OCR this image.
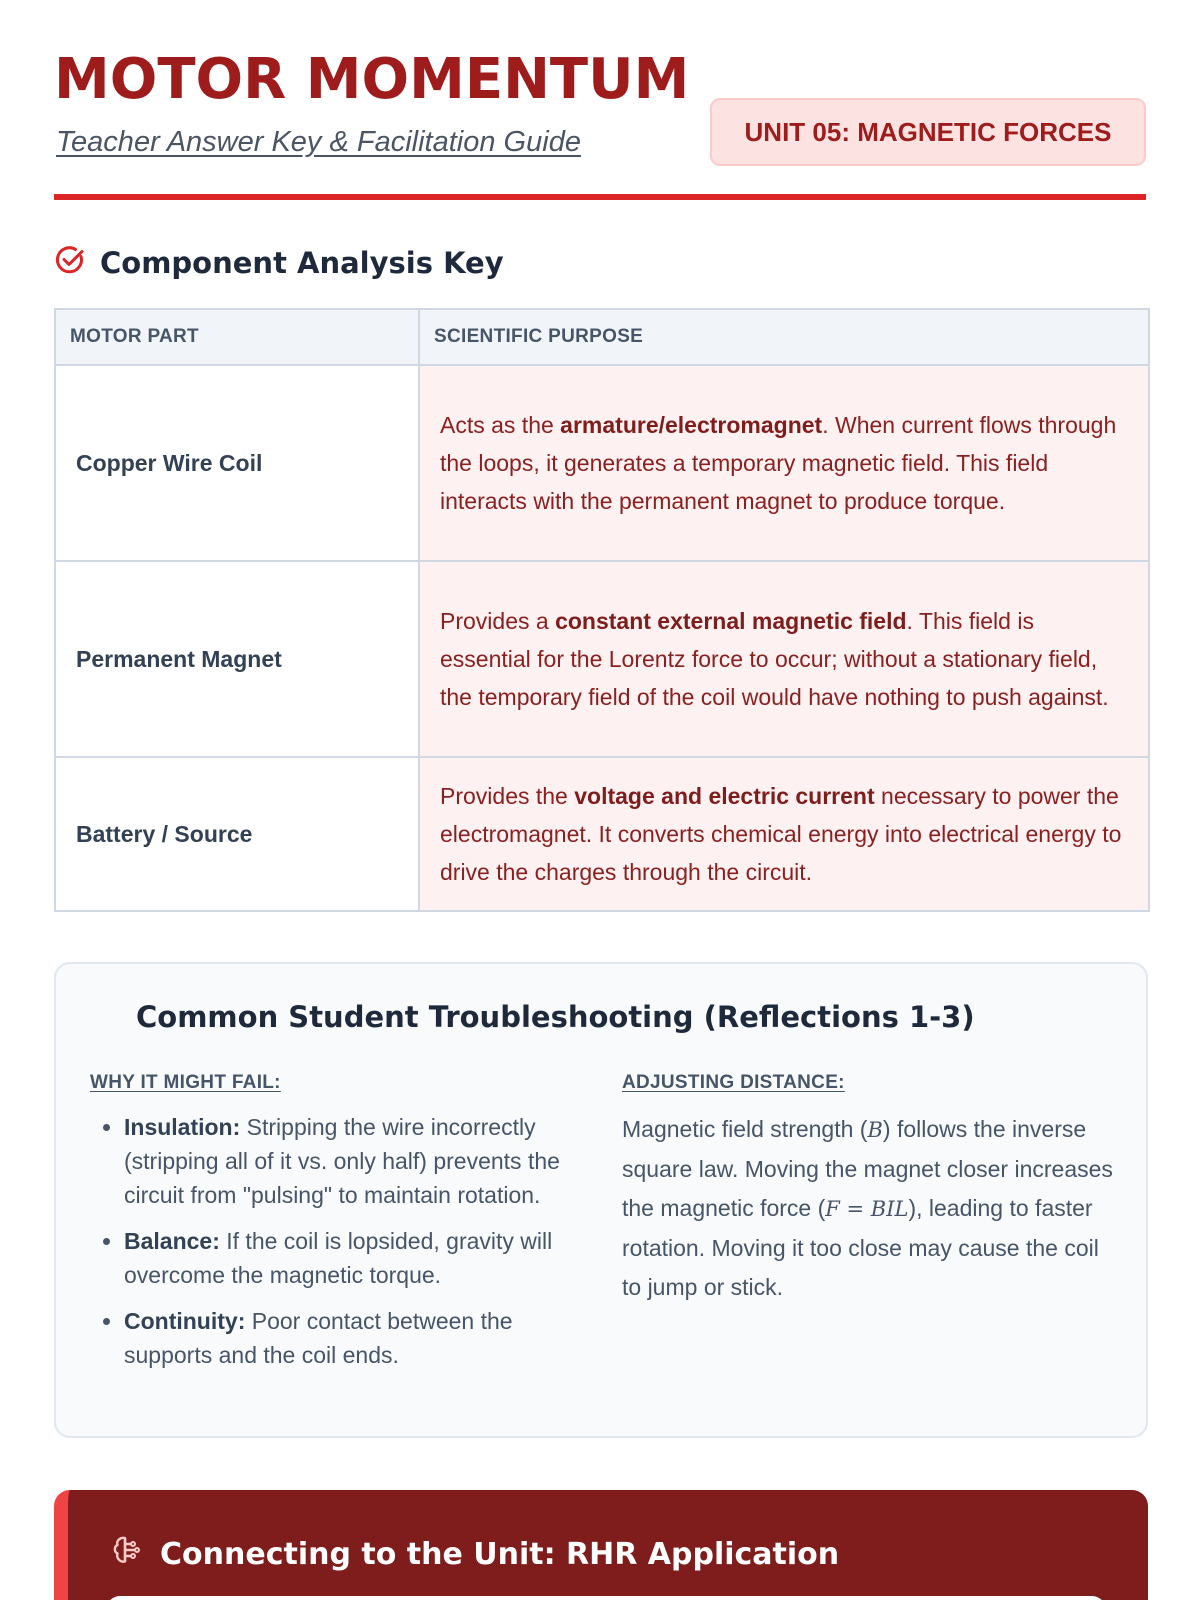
MOTOR MOMENTUM

Teacher Answer Key & Facilitation Guide	UNIT 05: MAGNETIC FORCES
Component Analysis Key
MOTOR PART	SCIENTIFIC PURPOSE
Copper Wire Coil	Acts as the armature/electromagnet. When current flows through the loops, it generates a temporary magnetic field. This field interacts with the permanent magnet to produce torque.
Permanent Magnet	Provides a constant external magnetic field. This field is essential for the Lorentz force to occur; without a stationary field, the temporary field of the coil would have nothing to push against.
Battery / Source	Provides the voltage and electric current necessary to power the electromagnet. It converts chemical energy into electrical energy to drive the charges through the circuit.
Common Student Troubleshooting (Reflections 1-3)

WHY IT MIGHT FAIL:

• Insulation: Stripping the wire incorrectly (stripping all of it vs. only half) prevents the circuit from "pulsing" to maintain rotation.
• Balance: If the coil is lopsided, gravity will overcome the magnetic torque.
• Continuity: Poor contact between the supports and the coil ends.

ADJUSTING DISTANCE:

Magnetic field strength (B) follows the inverse square law. Moving the magnet closer increases the magnetic force (F = BIL), leading to faster rotation. Moving it too close may cause the coil to jump or stick.

Connecting to the Unit: RHR Application
